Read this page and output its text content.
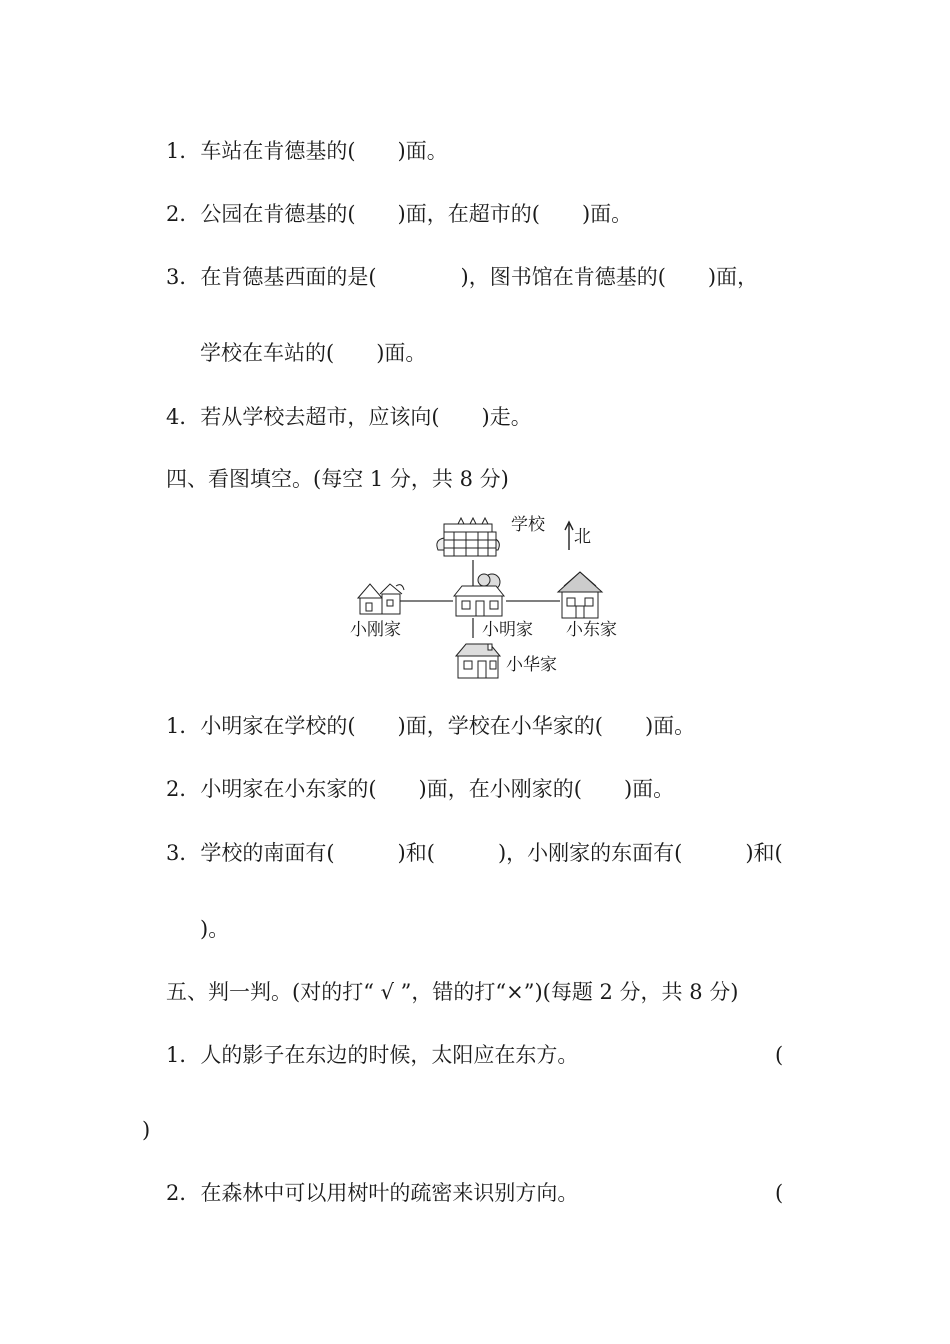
1．车站在肯德基的(　　)面。
2．公园在肯德基的(　　)面，在超市的(　　)面。
3．在肯德基西面的是(　　　　)，图书馆在肯德基的(　　)面，
学校在车站的(　　)面。
4．若从学校去超市，应该向(　　)走。
四、看图填空。(每空 1 分，共 8 分)
学校
北
小刚家	小明家 小东家
小华家
1．小明家在学校的(　　)面，学校在小华家的(　　)面。
2．小明家在小东家的(　　)面，在小刚家的(　　)面。
3．学校的南面有(　　　)和(　　　)，小刚家的东面有(　　　)和(
)。
五、判一判。(对的打“ √ ”，错的打“×”)(每题 2 分，共 8 分)
1．人的影子在东边的时候，太阳应在东方。	(
)
2．在森林中可以用树叶的疏密来识别方向。	(
